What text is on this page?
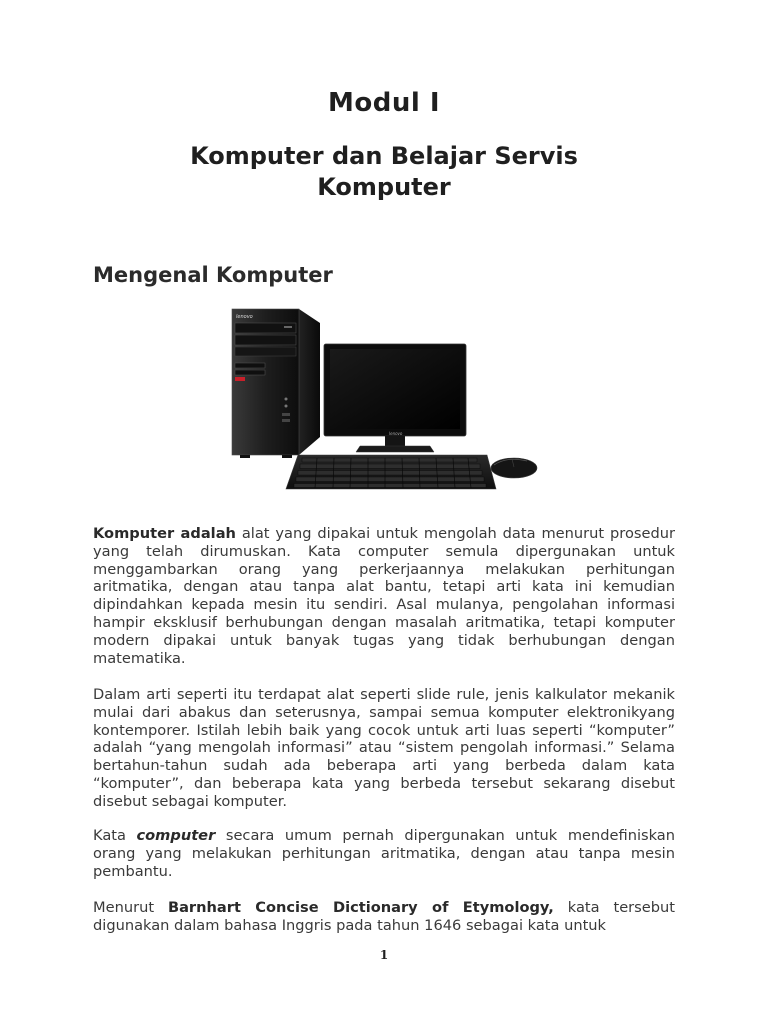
Modul I
Komputer dan Belajar Servis
Komputer
Mengenal Komputer
lenovo
lenovo

Komputer adalah alat yang dipakai untuk mengolah data menurut prosedur yang telah dirumuskan. Kata computer semula dipergunakan untuk menggambarkan orang yang perkerjaannya melakukan perhitungan aritmatika, dengan atau tanpa alat bantu, tetapi arti kata ini kemudian dipindahkan kepada mesin itu sendiri. Asal mulanya, pengolahan informasi hampir eksklusif berhubungan dengan masalah aritmatika, tetapi komputer modern dipakai untuk banyak tugas yang tidak berhubungan dengan matematika.

Dalam arti seperti itu terdapat alat seperti slide rule, jenis kalkulator mekanik mulai dari abakus dan seterusnya, sampai semua komputer elektronikyang kontemporer. Istilah lebih baik yang cocok untuk arti luas seperti “komputer” adalah “yang mengolah informasi” atau “sistem pengolah informasi.” Selama bertahun-tahun sudah ada beberapa arti yang berbeda dalam kata “komputer”, dan beberapa kata yang berbeda tersebut sekarang disebut disebut sebagai komputer.

Kata computer secara umum pernah dipergunakan untuk mendefiniskan orang yang melakukan perhitungan aritmatika, dengan atau tanpa mesin pembantu.

Menurut Barnhart Concise Dictionary of Etymology, kata tersebut digunakan dalam bahasa Inggris pada tahun 1646 sebagai kata untuk

1
